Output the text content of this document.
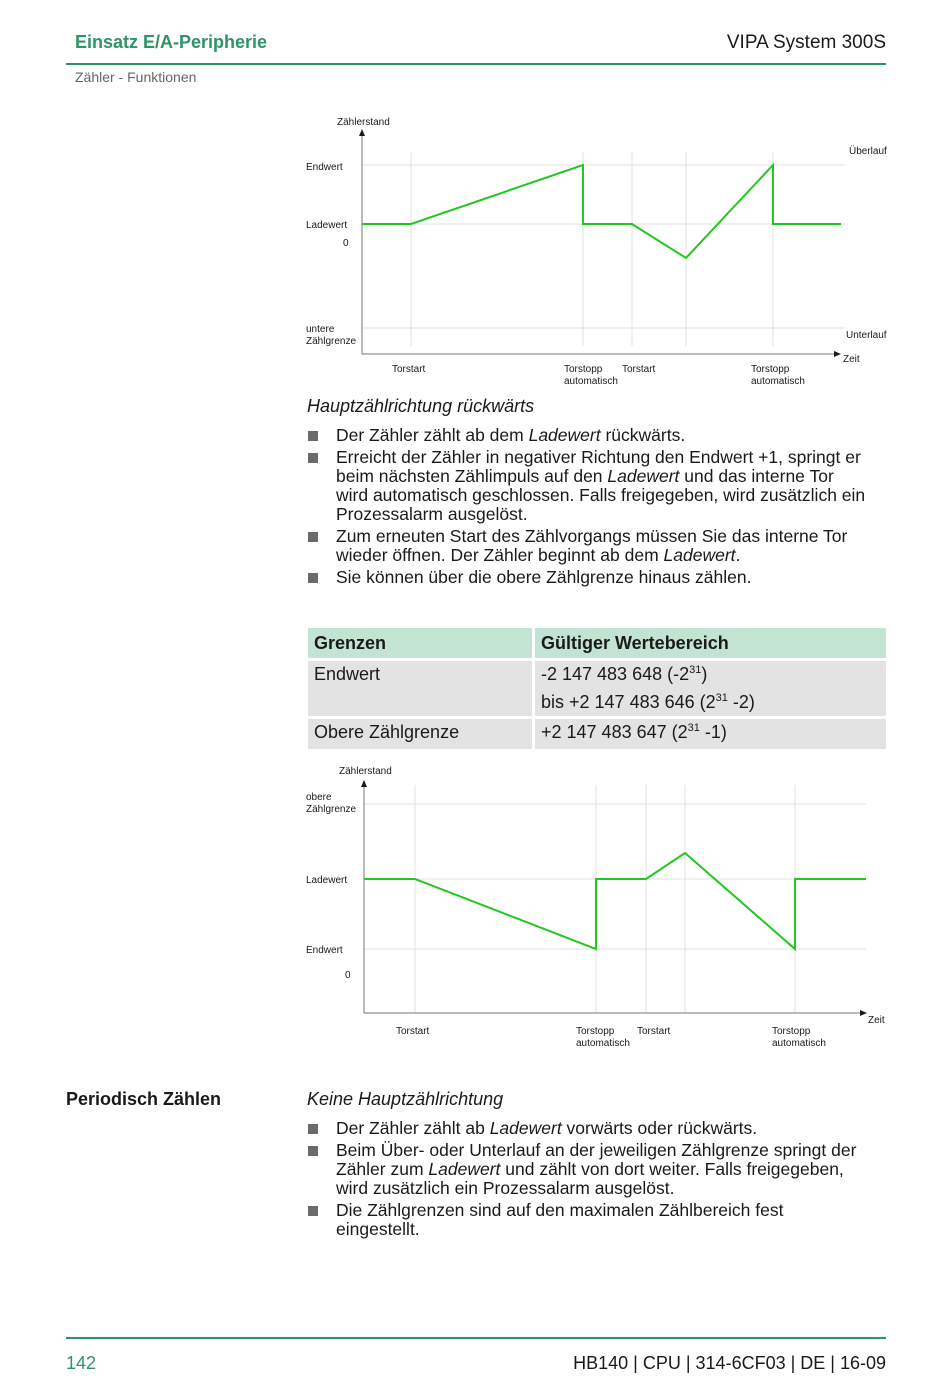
Einsatz E/A-Peripherie	VIPA System 300S
Zähler - Funktionen
Zählerstand
Endwert
Ladewert
0
untere
Zählgrenze
Überlauf
Unterlauf
Zeit
Torstart	Torstopp
automatisch
Torstart	Torstopp
automatisch
Hauptzählrichtung rückwärts
Der Zähler zählt ab dem Ladewert rückwärts.
Erreicht der Zähler in negativer Richtung den Endwert +1, springt er beim nächsten Zählimpuls auf den Ladewert und das interne Tor wird automatisch geschlossen. Falls freigegeben, wird zusätzlich ein Prozessalarm ausgelöst.
Zum erneuten Start des Zählvorgangs müssen Sie das interne Tor wieder öffnen. Der Zähler beginnt ab dem Ladewert.
Sie können über die obere Zählgrenze hinaus zählen.
Grenzen	Gültiger Wertebereich
Endwert	-2 147 483 648 $(-2^{31})$
bis +2 147 483 646 ($2^{31}$ -2)

Obere Zählgrenze	+2 147 483 647 ($2^{31}$ -1)
Zählerstand
obere
Zählgrenze
Ladewert
Endwert
0
Zeit
Torstart	Torstopp
automatisch
Torstart	Torstopp
automatisch
Periodisch Zählen	Keine Hauptzählrichtung
Der Zähler zählt ab Ladewert vorwärts oder rückwärts.
Beim Über- oder Unterlauf an der jeweiligen Zählgrenze springt der Zähler zum Ladewert und zählt von dort weiter. Falls freigegeben, wird zusätzlich ein Prozessalarm ausgelöst.
Die Zählgrenzen sind auf den maximalen Zählbereich fest eingestellt.
142	HB140 | CPU | 314-6CF03 | DE | 16-09
